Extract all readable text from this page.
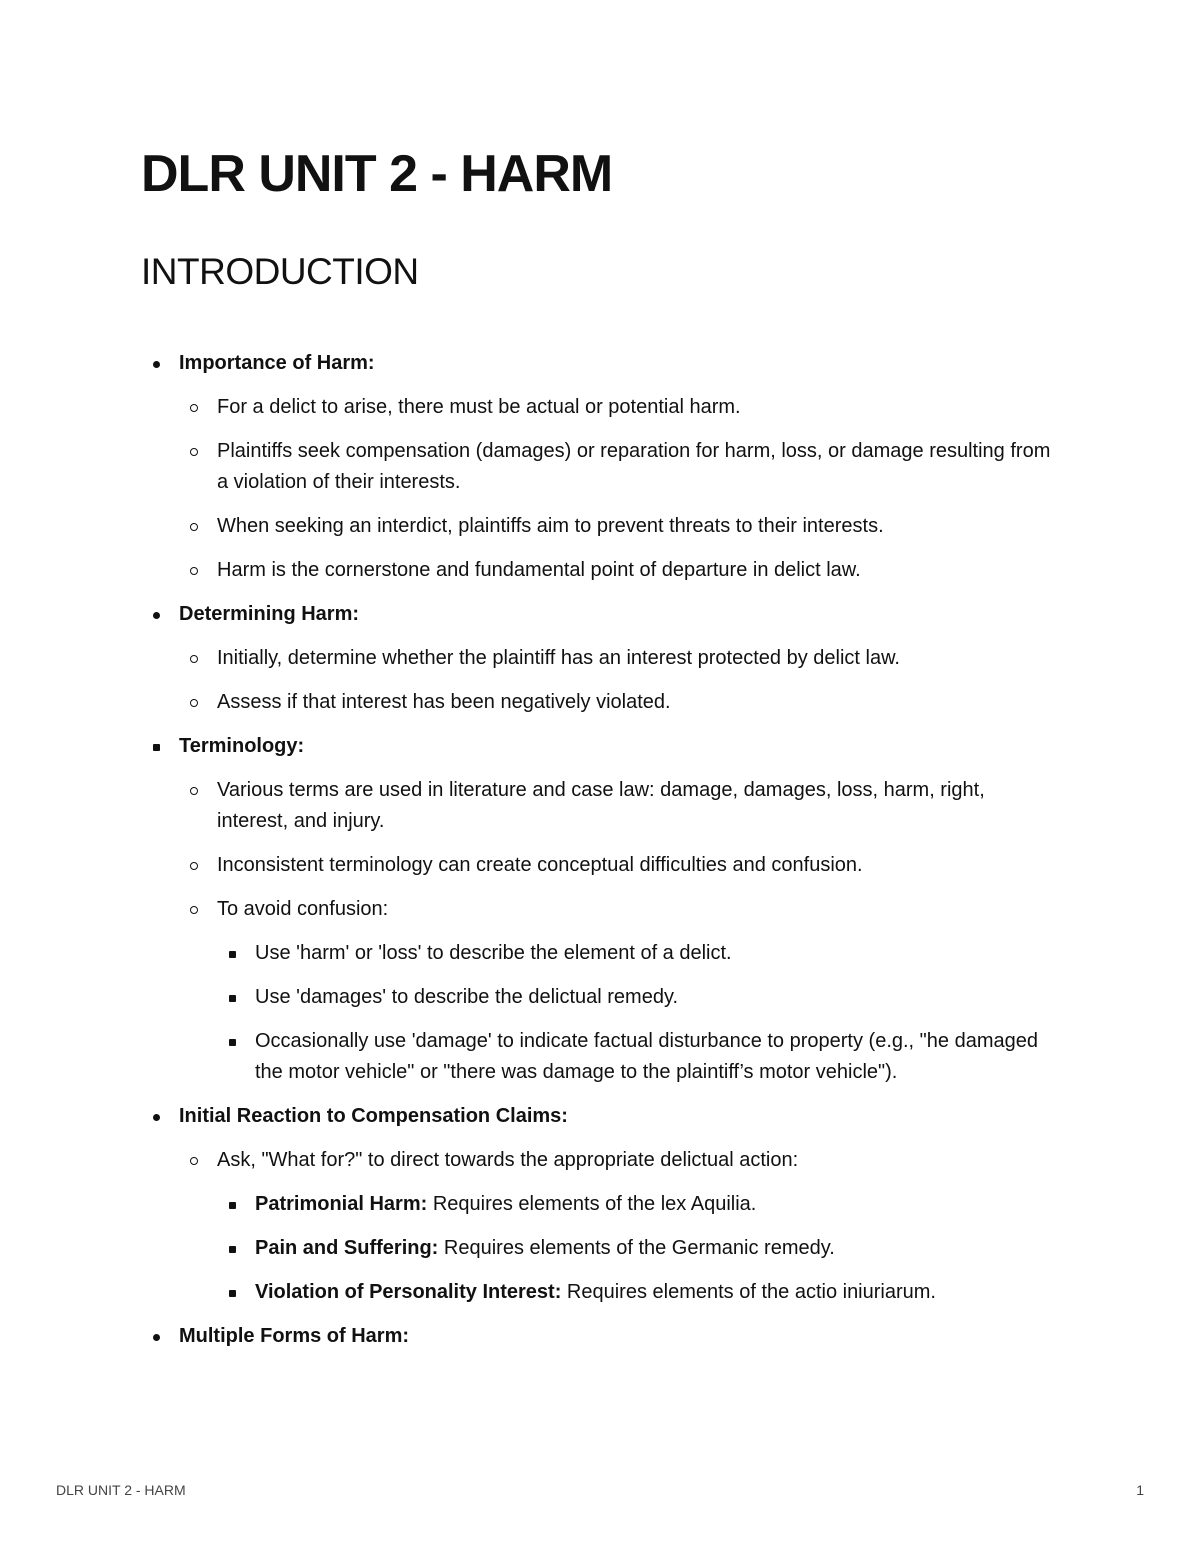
DLR UNIT 2 - HARM
INTRODUCTION
Importance of Harm:
For a delict to arise, there must be actual or potential harm.
Plaintiffs seek compensation (damages) or reparation for harm, loss, or damage resulting from a violation of their interests.
When seeking an interdict, plaintiffs aim to prevent threats to their interests.
Harm is the cornerstone and fundamental point of departure in delict law.
Determining Harm:
Initially, determine whether the plaintiff has an interest protected by delict law.
Assess if that interest has been negatively violated.
Terminology:
Various terms are used in literature and case law: damage, damages, loss, harm, right, interest, and injury.
Inconsistent terminology can create conceptual difficulties and confusion.
To avoid confusion:
Use 'harm' or 'loss' to describe the element of a delict.
Use 'damages' to describe the delictual remedy.
Occasionally use 'damage' to indicate factual disturbance to property (e.g., "he damaged the motor vehicle" or "there was damage to the plaintiff’s motor vehicle").
Initial Reaction to Compensation Claims:
Ask, "What for?" to direct towards the appropriate delictual action:
Patrimonial Harm: Requires elements of the lex Aquilia.
Pain and Suffering: Requires elements of the Germanic remedy.
Violation of Personality Interest: Requires elements of the actio iniuriarum.
Multiple Forms of Harm:
DLR UNIT 2 - HARM	1
